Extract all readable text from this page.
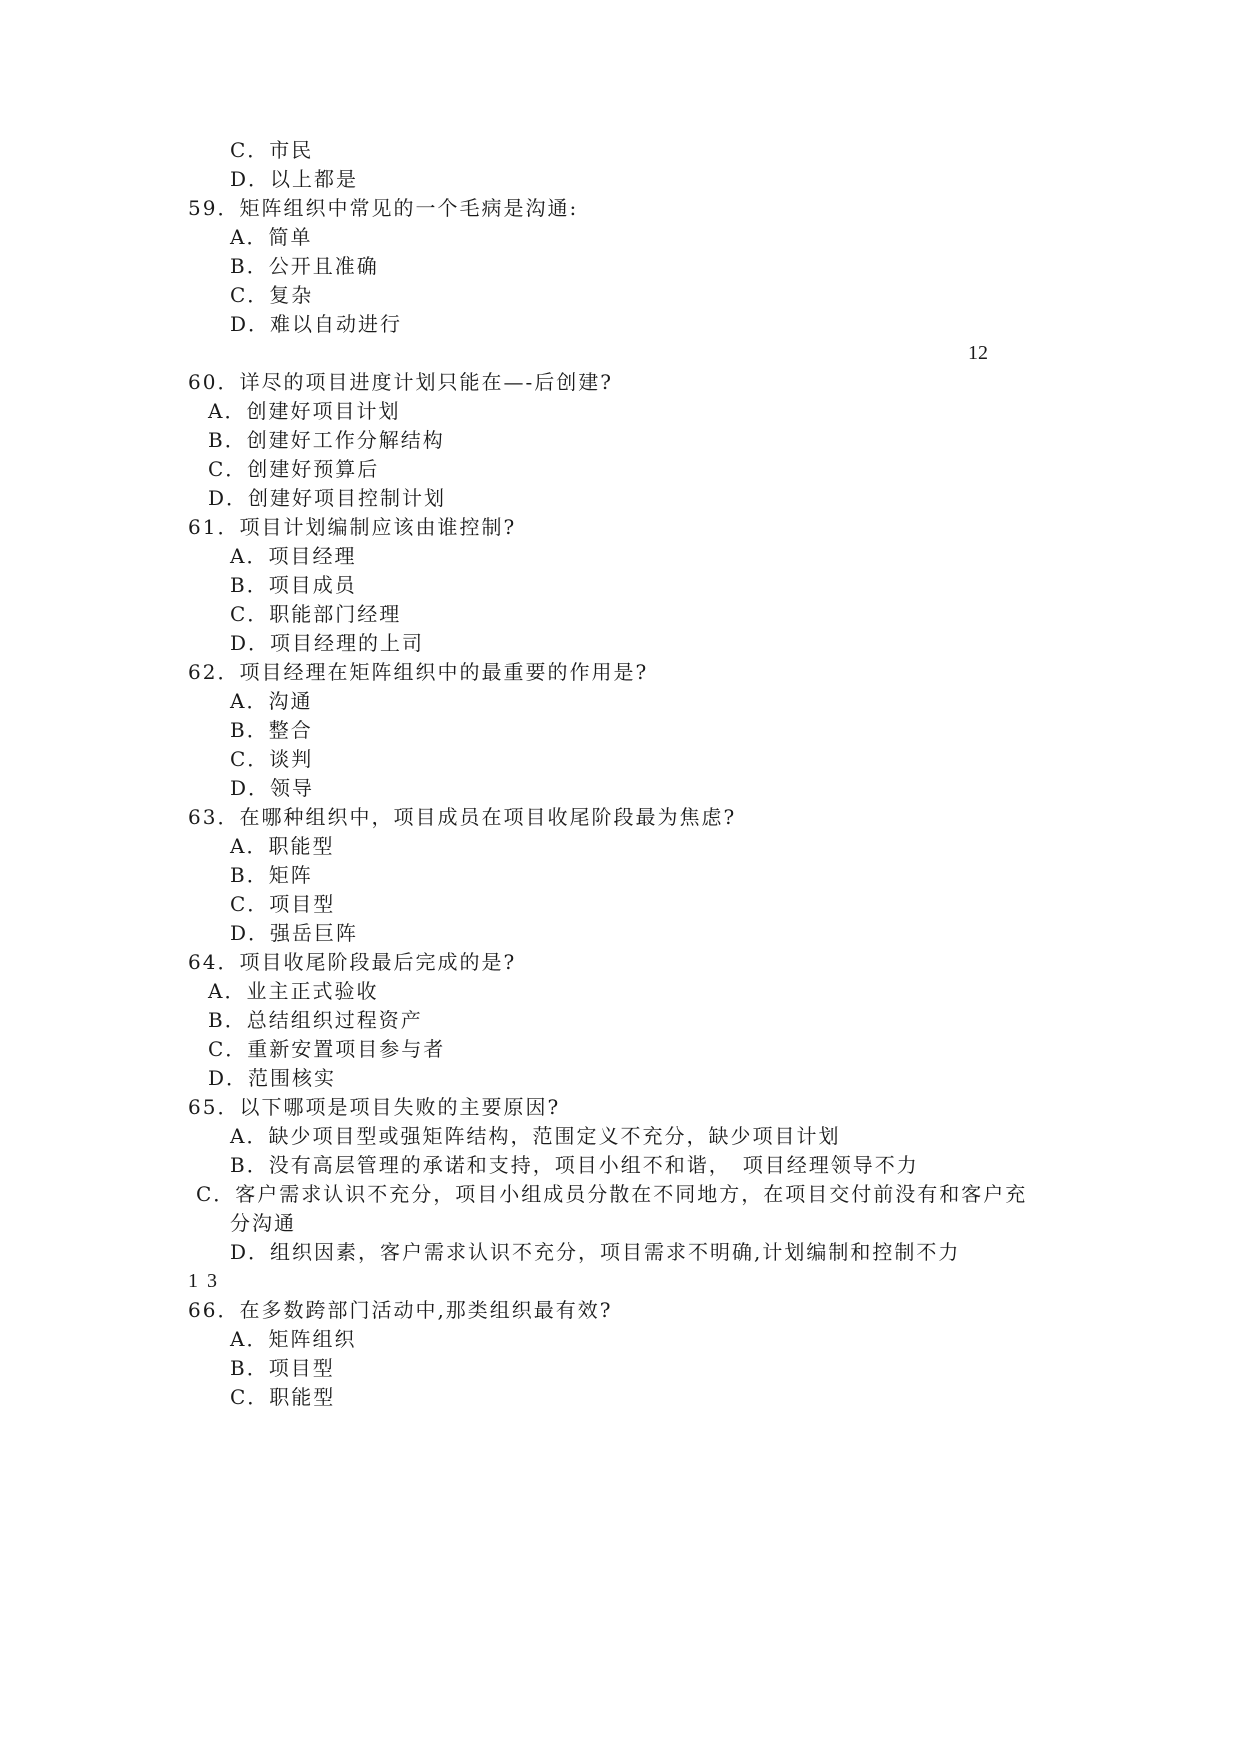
C．市民
D．以上都是
59．矩阵组织中常见的一个毛病是沟通:
A．简单
B．公开且准确
C．复杂
D．难以自动进行
12
60．详尽的项目进度计划只能在—-后创建?
A．创建好项目计划
B．创建好工作分解结构
C．创建好预算后
D．创建好项目控制计划
61．项目计划编制应该由谁控制?
A．项目经理
B．项目成员
C．职能部门经理
D．项目经理的上司
62．项目经理在矩阵组织中的最重要的作用是?
A．沟通
B．整合
C．谈判
D．领导
63．在哪种组织中，项目成员在项目收尾阶段最为焦虑?
A．职能型
B．矩阵
C．项目型
D．强岳巨阵
64．项目收尾阶段最后完成的是?
A．业主正式验收
B．总结组织过程资产
C．重新安置项目参与者
D．范围核实
65．以下哪项是项目失败的主要原因?
A．缺少项目型或强矩阵结构，范围定义不充分，缺少项目计划
B．没有高层管理的承诺和支持，项目小组不和谐，　项目经理领导不力
C．客户需求认识不充分，项目小组成员分散在不同地方，在项目交付前没有和客户充
分沟通
D．组织因素，客户需求认识不充分，项目需求不明确,计划编制和控制不力
1 3
66．在多数跨部门活动中,那类组织最有效?
A．矩阵组织
B．项目型
C．职能型
